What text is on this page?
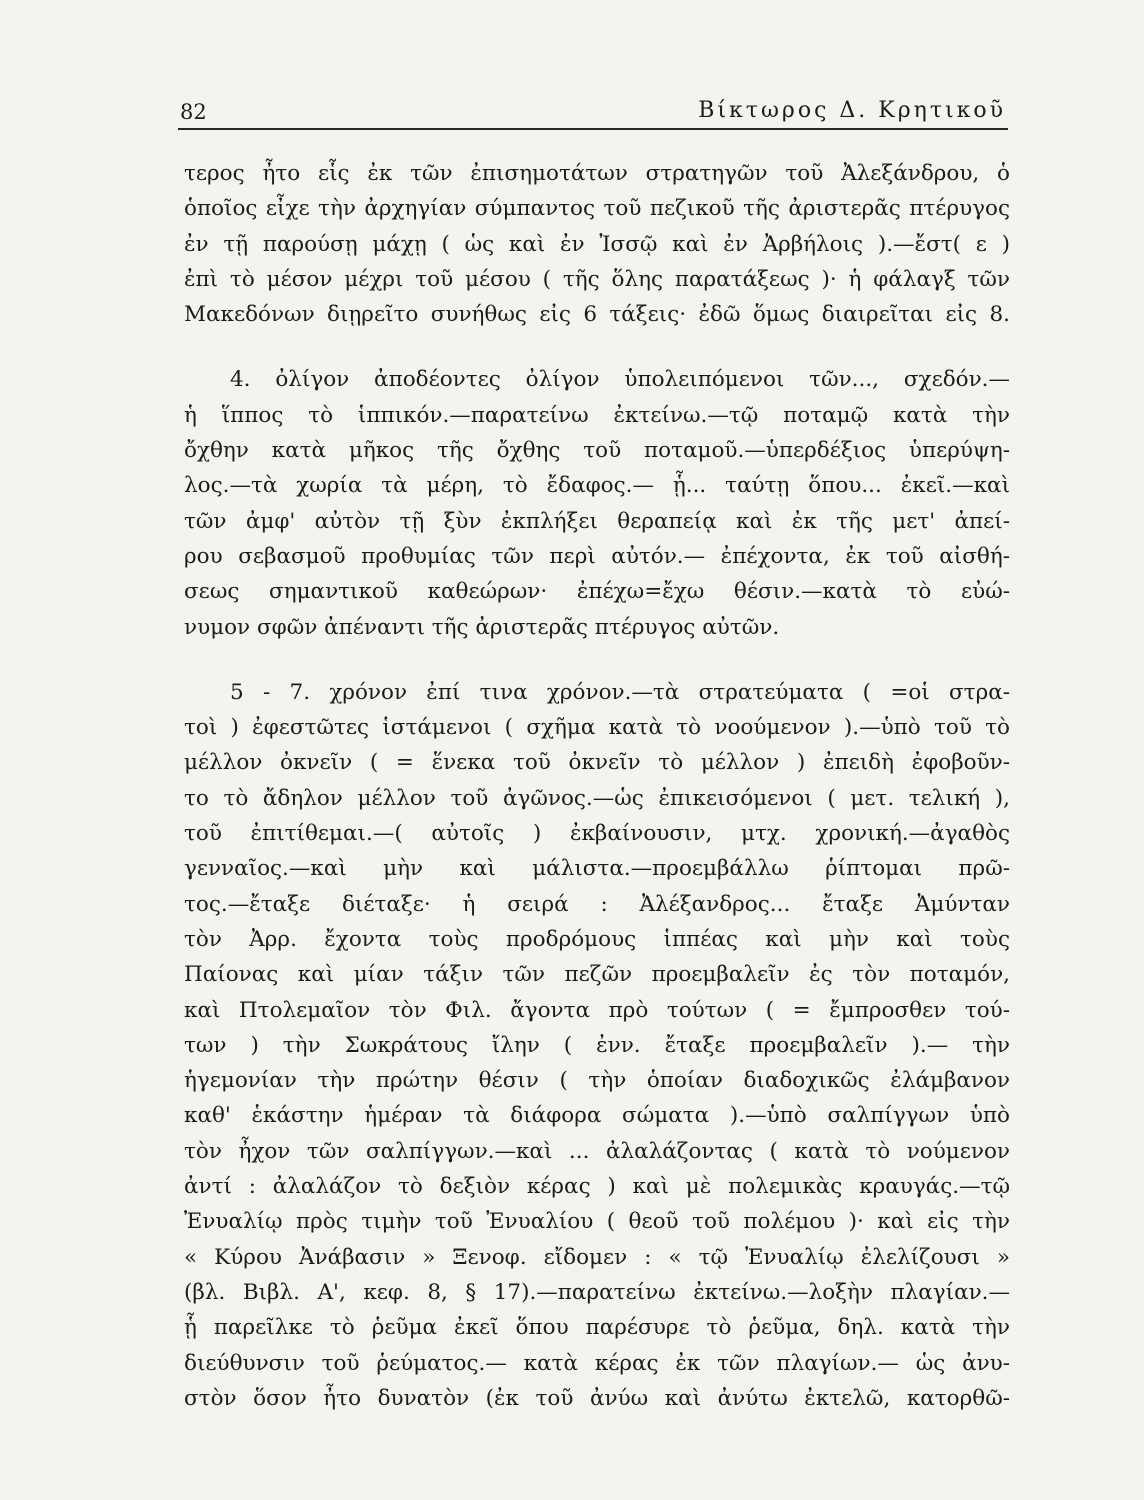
82	Βίκτωρος Δ. Κρητικοῦ
τερος ἦτο εἷς ἐκ τῶν ἐπισημοτάτων στρατηγῶν τοῦ Ἀλεξάνδρου, ὁ
ὁποῖος εἶχε τὴν ἀρχηγίαν σύμπαντος τοῦ πεζικοῦ τῆς ἀριστερᾶς πτέρυγος
ἐν τῇ παρούσῃ μάχῃ ( ὡς καὶ ἐν Ἰσσῷ καὶ ἐν Ἀρβήλοις ).—ἔστ( ε )
ἐπὶ τὸ μέσον μέχρι τοῦ μέσου ( τῆς ὅλης παρατάξεως )· ἡ φάλαγξ τῶν
Μακεδόνων διῃρεῖτο συνήθως εἰς 6 τάξεις· ἐδῶ ὅμως διαιρεῖται εἰς 8.
4. ὀλίγον ἀποδέοντες ὀλίγον ὑπολειπόμενοι τῶν..., σχεδόν.—
ἡ ἵππος τὸ ἱππικόν.—παρατείνω ἐκτείνω.—τῷ ποταμῷ κατὰ τὴν
ὄχθην κατὰ μῆκος τῆς ὄχθης τοῦ ποταμοῦ.—ὑπερδέξιος ὑπερύψη-
λος.—τὰ χωρία τὰ μέρη, τὸ ἔδαφος.— ᾗ... ταύτῃ ὅπου... ἐκεῖ.—καὶ
τῶν ἀμφ' αὐτὸν τῇ ξὺν ἐκπλήξει θεραπείᾳ καὶ ἐκ τῆς μετ' ἀπεί-
ρου σεβασμοῦ προθυμίας τῶν περὶ αὐτόν.— ἐπέχοντα, ἐκ τοῦ αἰσθή-
σεως σημαντικοῦ καθεώρων· ἐπέχω=ἔχω θέσιν.—κατὰ τὸ εὐώ-
νυμον σφῶν ἀπέναντι τῆς ἀριστερᾶς πτέρυγος αὐτῶν.
5 - 7. χρόνον ἐπί τινα χρόνον.—τὰ στρατεύματα ( =οἱ στρα-
τοὶ ) ἐφεστῶτες ἱστάμενοι ( σχῆμα κατὰ τὸ νοούμενον ).—ὑπὸ τοῦ τὸ
μέλλον ὀκνεῖν ( = ἕνεκα τοῦ ὀκνεῖν τὸ μέλλον ) ἐπειδὴ ἐφοβοῦν-
το τὸ ἄδηλον μέλλον τοῦ ἀγῶνος.—ὡς ἐπικεισόμενοι ( μετ. τελική ),
τοῦ ἐπιτίθεμαι.—( αὐτοῖς ) ἐκβαίνουσιν, μτχ. χρονική.—ἀγαθὸς
γενναῖος.—καὶ μὴν καὶ μάλιστα.—προεμβάλλω ῥίπτομαι πρῶ-
τος.—ἔταξε διέταξε· ἡ σειρά : Ἀλέξανδρος... ἔταξε Ἀμύνταν
τὸν Ἀρρ. ἔχοντα τοὺς προδρόμους ἱππέας καὶ μὴν καὶ τοὺς
Παίονας καὶ μίαν τάξιν τῶν πεζῶν προεμβαλεῖν ἐς τὸν ποταμόν,
καὶ Πτολεμαῖον τὸν Φιλ. ἄγοντα πρὸ τούτων ( = ἔμπροσθεν τού-
των ) τὴν Σωκράτους ἴλην ( ἐνν. ἔταξε προεμβαλεῖν ).— τὴν
ἡγεμονίαν τὴν πρώτην θέσιν ( τὴν ὁποίαν διαδοχικῶς ἐλάμβανον
καθ' ἑκάστην ἡμέραν τὰ διάφορα σώματα ).—ὑπὸ σαλπίγγων ὑπὸ
τὸν ἦχον τῶν σαλπίγγων.—καὶ ... ἀλαλάζοντας ( κατὰ τὸ νούμενον
ἀντί : ἀλαλάζον τὸ δεξιὸν κέρας ) καὶ μὲ πολεμικὰς κραυγάς.—τῷ
Ἐνυαλίῳ πρὸς τιμὴν τοῦ Ἐνυαλίου ( θεοῦ τοῦ πολέμου )· καὶ εἰς τὴν
« Κύρου Ἀνάβασιν » Ξενοφ. εἴδομεν : « τῷ Ἐνυαλίῳ ἐλελίζουσι »
(βλ. Βιβλ. Α', κεφ. 8, § 17).—παρατείνω ἐκτείνω.—λοξὴν πλαγίαν.—
ᾗ παρεῖλκε τὸ ῥεῦμα ἐκεῖ ὅπου παρέσυρε τὸ ῥεῦμα, δηλ. κατὰ τὴν
διεύθυνσιν τοῦ ῥεύματος.— κατὰ κέρας ἐκ τῶν πλαγίων.— ὡς ἀνυ-
στὸν ὅσον ἦτο δυνατὸν (ἐκ τοῦ ἀνύω καὶ ἀνύτω ἐκτελῶ, κατορθῶ-
